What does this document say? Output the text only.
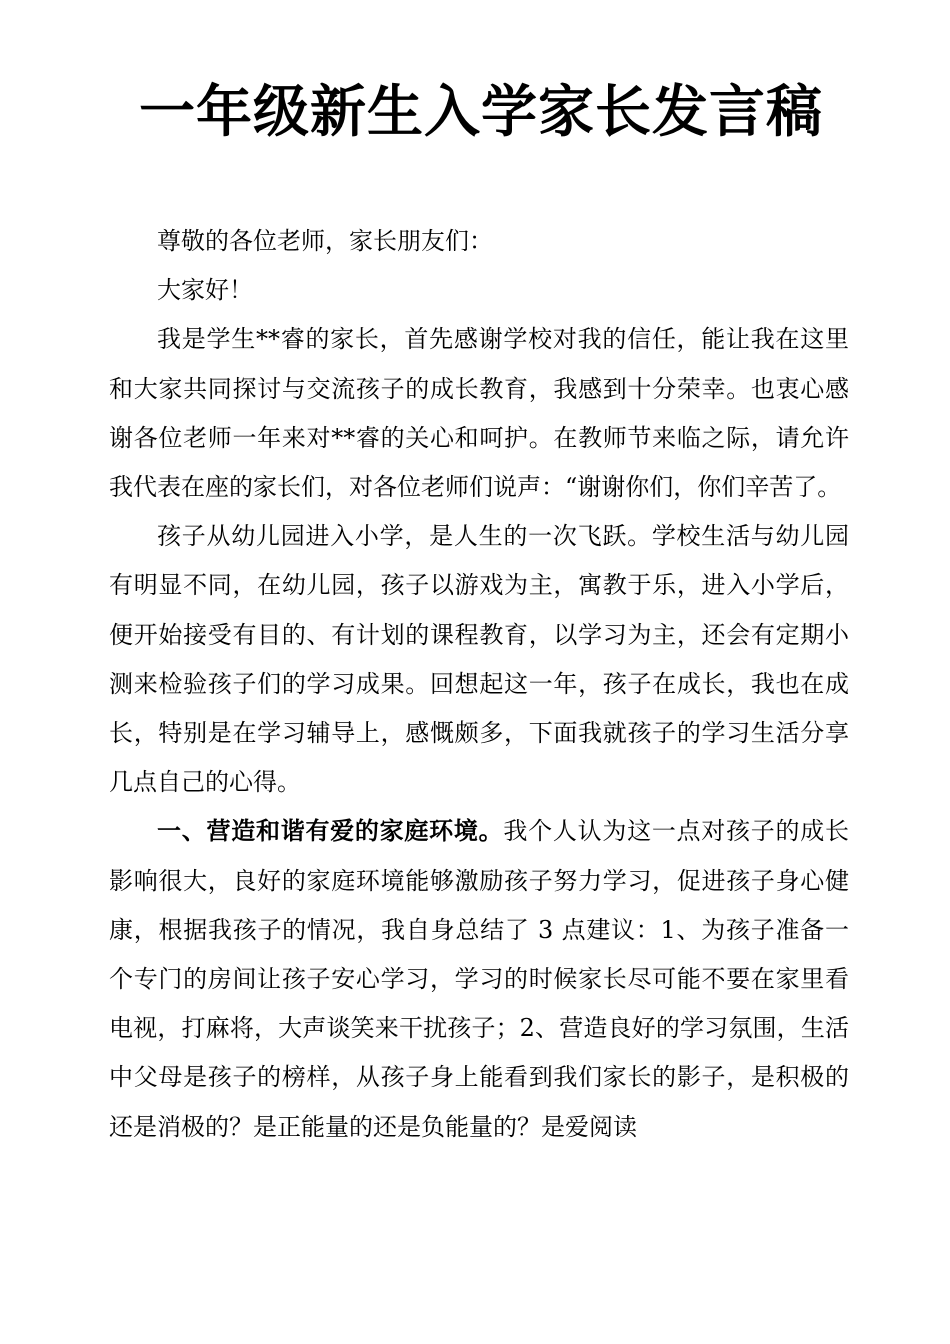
一年级新生入学家长发言稿

尊敬的各位老师，家长朋友们：

大家好！

我是学生**睿的家长，首先感谢学校对我的信任，能让我在这里和大家共同探讨与交流孩子的成长教育，我感到十分荣幸。也衷心感谢各位老师一年来对**睿的关心和呵护。在教师节来临之际，请允许我代表在座的家长们，对各位老师们说声：“谢谢你们，你们辛苦了。

孩子从幼儿园进入小学，是人生的一次飞跃。学校生活与幼儿园有明显不同，在幼儿园，孩子以游戏为主，寓教于乐，进入小学后，便开始接受有目的、有计划的课程教育，以学习为主，还会有定期小测来检验孩子们的学习成果。回想起这一年，孩子在成长，我也在成长，特别是在学习辅导上，感慨颇多，下面我就孩子的学习生活分享几点自己的心得。

一、营造和谐有爱的家庭环境。我个人认为这一点对孩子的成长影响很大，良好的家庭环境能够激励孩子努力学习，促进孩子身心健康，根据我孩子的情况，我自身总结了 3 点建议：1、为孩子准备一个专门的房间让孩子安心学习，学习的时候家长尽可能不要在家里看电视，打麻将，大声谈笑来干扰孩子；2、营造良好的学习氛围，生活中父母是孩子的榜样，从孩子身上能看到我们家长的影子，是积极的还是消极的？是正能量的还是负能量的？是爱阅读
